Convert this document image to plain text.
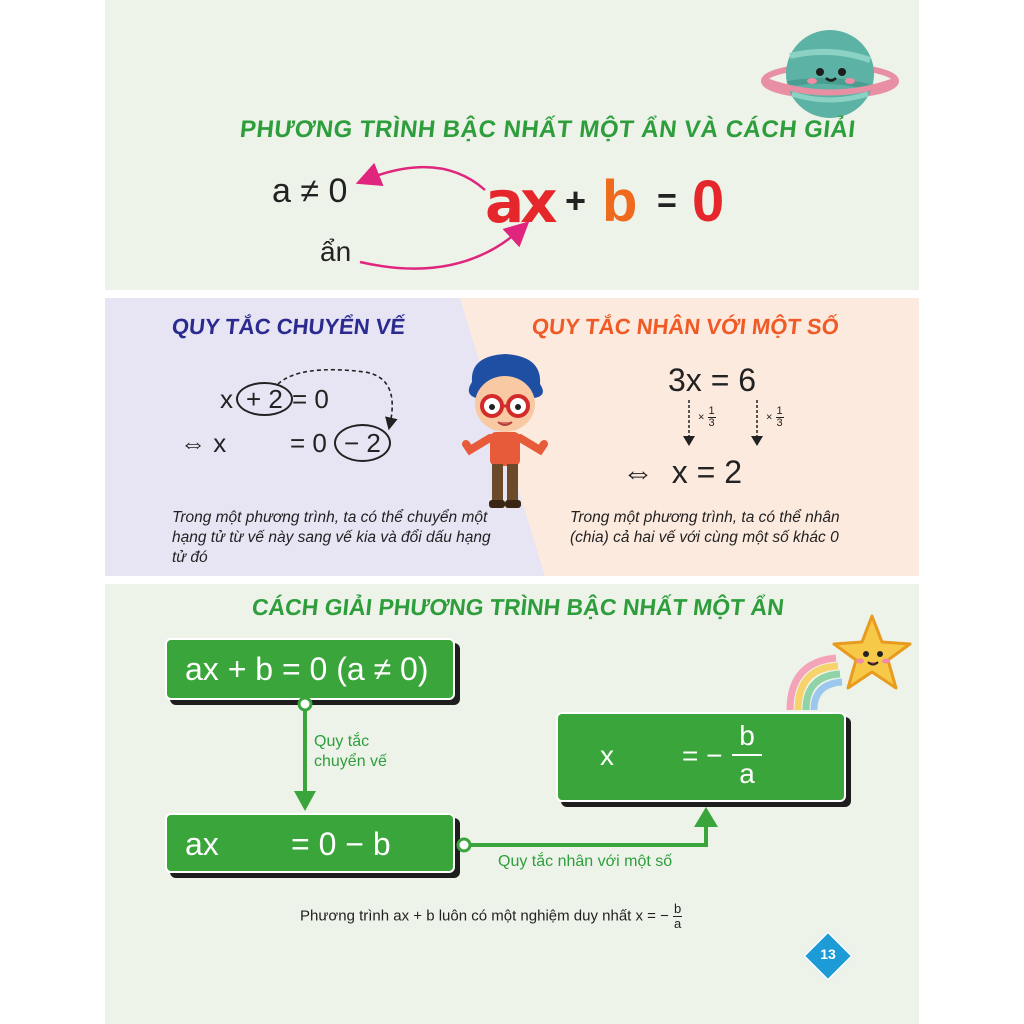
PHƯƠNG TRÌNH BẬC NHẤT MỘT ẨN VÀ CÁCH GIẢI
a ≠ 0
ẩn
ax + b = 0
QUY TẮC CHUYỂN VẾ	QUY TẮC NHÂN VỚI MỘT SỐ
x + 2 = 0
⇔ x = 0 − 2
Trong một phương trình, ta có thể chuyển một hạng tử từ vế này sang vế kia và đổi dấu hạng tử đó
3x = 6
× $\frac{1}{3}$	× $\frac{1}{3}$
⇔  x = 2
Trong một phương trình, ta có thể nhân (chia) cả hai vế với cùng một số khác 0
CÁCH GIẢI PHƯƠNG TRÌNH BẬC NHẤT MỘT ẨN
ax + b = 0 (a ≠ 0)
ax = 0 − b
x = − $\frac{b}{a}$
Quy tắc
chuyển vế
Quy tắc nhân với một số
Phương trình ax + b luôn có một nghiệm duy nhất x = − $\frac{b}{a}$
13
